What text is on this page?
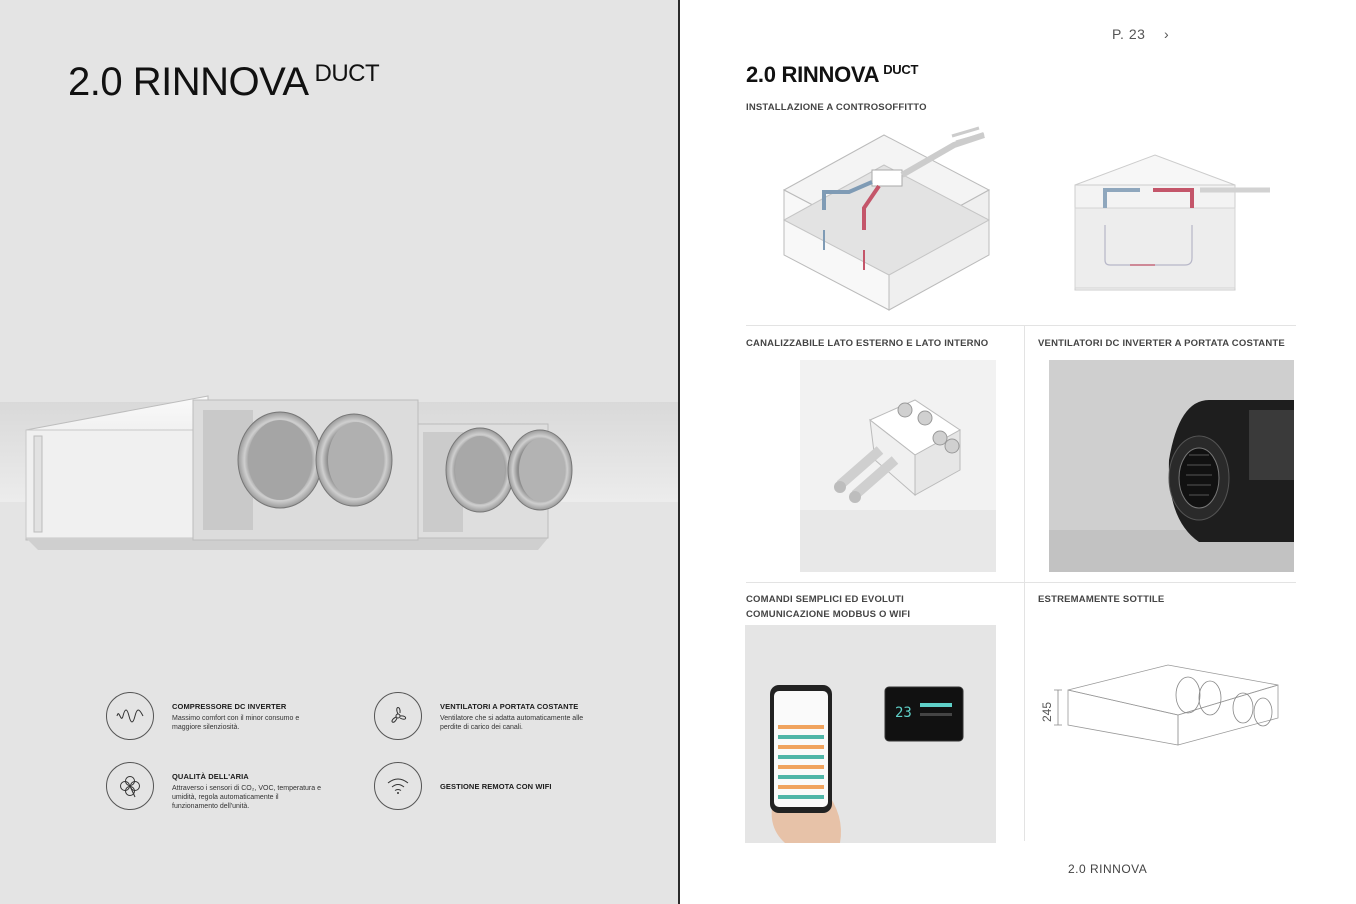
2.0 RINNOVA $^{DUCT}$
COMPRESSORE DC INVERTER
Massimo comfort con il minor consumo e maggiore silenziosità.
VENTILATORI A PORTATA COSTANTE
Ventilatore che si adatta automaticamente alle perdite di carico dei canali.
QUALITÀ DELL'ARIA
Attraverso i sensori di CO₂, VOC, temperatura e umidità, regola automaticamente il funzionamento dell'unità.
GESTIONE REMOTA CON WIFI
P. 23 ›
2.0 RINNOVA $^{DUCT}$
INSTALLAZIONE A CONTROSOFFITTO
CANALIZZABILE LATO ESTERNO E LATO INTERNO	VENTILATORI DC INVERTER A PORTATA COSTANTE
COMANDI SEMPLICI ED EVOLUTI
COMUNICAZIONE MODBUS O WIFI
ESTREMAMENTE SOTTILE
23	245
2.0 RINNOVA
